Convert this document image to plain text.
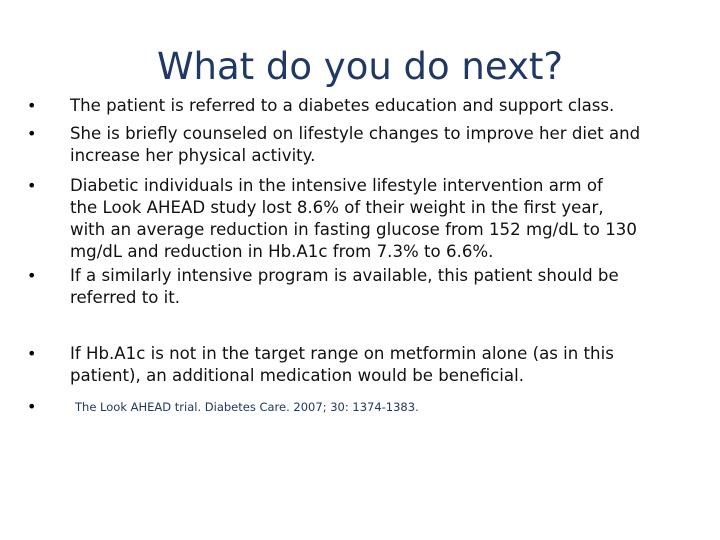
What do you do next?
• The patient is referred to a diabetes education and support class.
• She is briefly counseled on lifestyle changes to improve her diet and
increase her physical activity.
• Diabetic individuals in the intensive lifestyle intervention arm of
the Look AHEAD study lost 8.6% of their weight in the first year,
with an average reduction in fasting glucose from 152 mg/dL to 130
mg/dL and reduction in Hb.A1c from 7.3% to 6.6%.
• If a similarly intensive program is available, this patient should be
referred to it.
• If Hb.A1c is not in the target range on metformin alone (as in this
patient), an additional medication would be beneficial.
•	The Look AHEAD trial. Diabetes Care. 2007; 30: 1374-1383.
